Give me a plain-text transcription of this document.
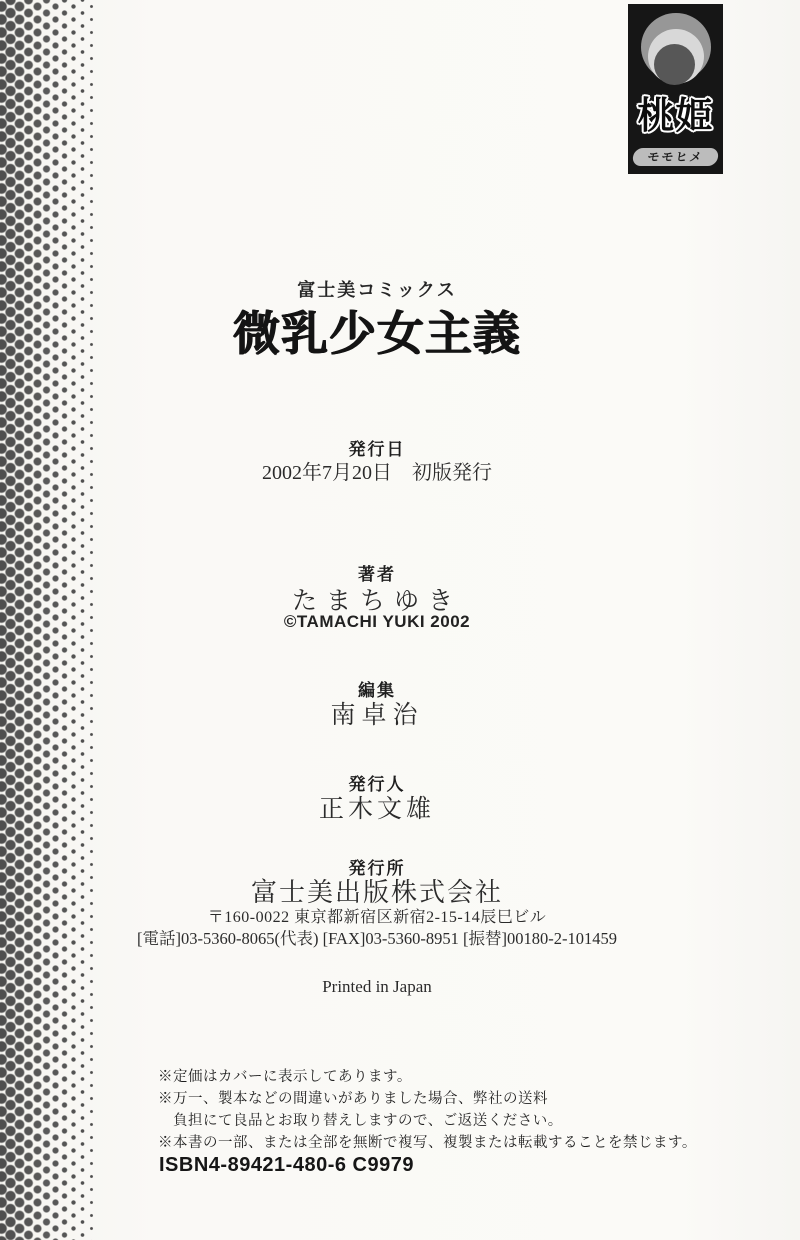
桃姫
モモヒメ
富士美コミックス
微乳少女主義
発行日
2002年7月20日　初版発行
著者
たまちゆき
©TAMACHI YUKI 2002
編集
南卓治
発行人
正木文雄
発行所
富士美出版株式会社
〒160-0022 東京都新宿区新宿2-15-14辰巳ビル
[電話]03-5360-8065(代表) [FAX]03-5360-8951 [振替]00180-2-101459
Printed in Japan
※定価はカバーに表示してあります。
※万一、製本などの間違いがありました場合、弊社の送料
　負担にて良品とお取り替えしますので、ご返送ください。
※本書の一部、または全部を無断で複写、複製または転載することを禁じます。
ISBN4-89421-480-6 C9979
